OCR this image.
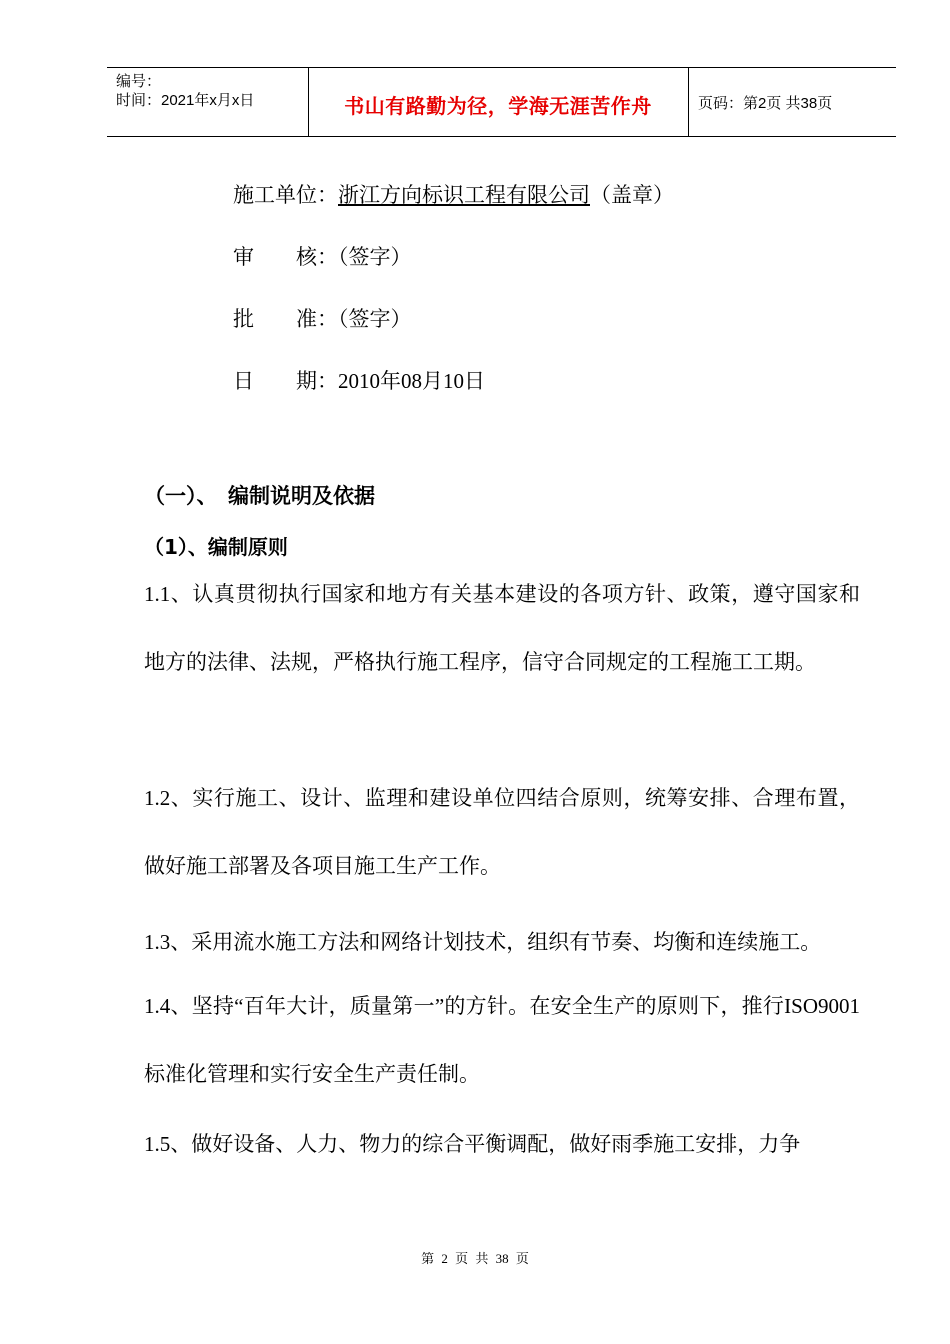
编号：
时间：2021年x月x日	书山有路勤为径，学海无涯苦作舟	页码：第2页 共38页
施工单位：浙江方向标识工程有限公司（盖章）
审　　核：（签字）
批　　准：（签字）
日　　期：2010年08月10日
（一）、　编制说明及依据
（1）、编制原则
1.1、认真贯彻执行国家和地方有关基本建设的各项方针、政策，遵守国家和地方的法律、法规，严格执行施工程序，信守合同规定的工程施工工期。
1.2、实行施工、设计、监理和建设单位四结合原则，统筹安排、合理布置，做好施工部署及各项目施工生产工作。
1.3、采用流水施工方法和网络计划技术，组织有节奏、均衡和连续施工。
1.4、坚持“百年大计，质量第一”的方针。在安全生产的原则下，推行ISO9001标准化管理和实行安全生产责任制。
1.5、做好设备、人力、物力的综合平衡调配，做好雨季施工安排，力争
第 2 页 共 38 页
